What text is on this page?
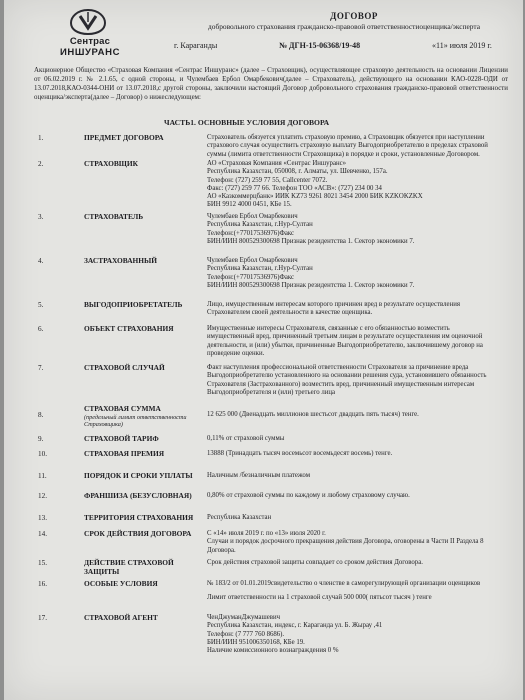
Сентрас
ИНШУРАНС
ДОГОВОР
добровольного страхования гражданско-правовой ответственностиоценщика/эксперта
г. Караганды	№ ДГН-15-06368/19-48	«11» июля 2019 г.
Акционерное Общество «Страховая Компания «Сентрас Иншуранс» (далее – Страховщик), осуществляющее страховую деятельность на основании Лицензии от 06.02.2019 г. № 2.1.65, с одной стороны, и Чулембаев Ербол Омарбекович(далее – Страхователь), действующего на основании КАО-0228-ОДИ от 13.07.2018,КАО-0344-ОНИ от 13.07.2018,с другой стороны, заключили настоящий Договор добровольного страхования гражданско-правовой ответственности оценщика/эксперта(далее – Договор) о нижеследующем:
ЧАСТЬ1. ОСНОВНЫЕ УСЛОВИЯ ДОГОВОРА
1.	ПРЕДМЕТ ДОГОВОРА	Страхователь обязуется уплатить страховую премию, а Страховщик обязуется при наступлении
страхового случая осуществить страховую выплату Выгодоприобретателю в пределах страховой
суммы (лимита ответственности Страховщика) в порядке и сроки, установленные Договором.
2.	СТРАХОВЩИК	АО «Страховая Компания «Сентрас Иншуранс»
Республика Казахстан, 050008, г. Алматы, ул. Шевченко, 157а.
Телефон: (727) 259 77 55, Callcenter 7072.
Факс: (727) 259 77 66. Телефон ТОО «АСВ»: (727) 234 00 34
АО «Казкоммерцбанк» ИИК KZ73 9261 8021 3454 2000 БИК KZKOKZKX
БИН 9912 4000 0451, КБе 15.
3.	СТРАХОВАТЕЛЬ	Чулембаев Ербол Омарбекович
Республика Казахстан, г.Нур-Султан
Телефон:(+77017536976)Факс
БИН/ИИН 800529300698 Признак резидентства 1. Сектор экономики 7.
4.	ЗАСТРАХОВАННЫЙ	Чулембаев Ербол Омарбекович
Республика Казахстан, г.Нур-Султан
Телефон:(+77017536976)Факс
БИН/ИИН 800529300698 Признак резидентства 1. Сектор экономики 7.
5.	ВЫГОДОПРИОБРЕТАТЕЛЬ	Лицо, имущественным интересам которого причинен вред в результате осуществления
Страхователем своей деятельности в качестве оценщика.
6.	ОБЪЕКТ СТРАХОВАНИЯ	Имущественные интересы Страхователя, связанные с его обязанностью возместить
имущественный вред, причиненный третьим лицам в результате осуществления им оценочной
деятельности, и (или) убытки, причиненные Выгодоприобретателю, заключившему договор на
проведение оценки.
7.	СТРАХОВОЙ СЛУЧАЙ	Факт наступления профессиональной ответственности Страхователя за причинение вреда
Выгодоприобретателю установленного на основании решения суда, установившего обязанность
Страхователя (Застрахованного) возместить вред, причиненный имущественным интересам
Выгодоприобретателя и (или) третьего лица
8.
СТРАХОВАЯ СУММА
(предельный лимит ответственности Страховщика)
12 625 000 (Двенадцать миллионов шестьсот двадцать пять тысяч) тенге.
9.	СТРАХОВОЙ ТАРИФ	0,11% от страховой суммы
10.	СТРАХОВАЯ ПРЕМИЯ	13888 (Тринадцать тысяч восемьсот восемьдесят восемь) тенге.
11.	ПОРЯДОК И СРОКИ УПЛАТЫ	Наличным /безналичным платежом
12.	ФРАНШИЗА (БЕЗУСЛОВНАЯ)	0,80% от страховой суммы по каждому и любому страховому случаю.
13.	ТЕРРИТОРИЯ СТРАХОВАНИЯ	Республика Казахстан
14.	СРОК ДЕЙСТВИЯ ДОГОВОРА	С «14» июля 2019 г. по «13» июля 2020 г.
Случаи и порядок досрочного прекращения действия Договора, оговорены в Части II Раздела 8
Договора.
15.	ДЕЙСТВИЕ СТРАХОВОЙ ЗАЩИТЫ
Срок действия страховой защиты совпадает со сроком действия Договора.
16.	ОСОБЫЕ УСЛОВИЯ	№ 183/2 от 01.01.2019свидетельство о членстве в саморегулирующей организации оценщиков
Лимит ответственности на 1 страховой случай 500 000( пятьсот тысяч ) тенге
17.	СТРАХОВОЙ АГЕНТ	ЧенДжуманДжумашевич
Республика Казахстан, индекс, г. Караганда ул. Б. Жырау ,41
Телефон: (7 777 760 8686).
БИН/ИИН 951006350168, КБе 19.
Наличие комиссионного вознаграждения 0 %
